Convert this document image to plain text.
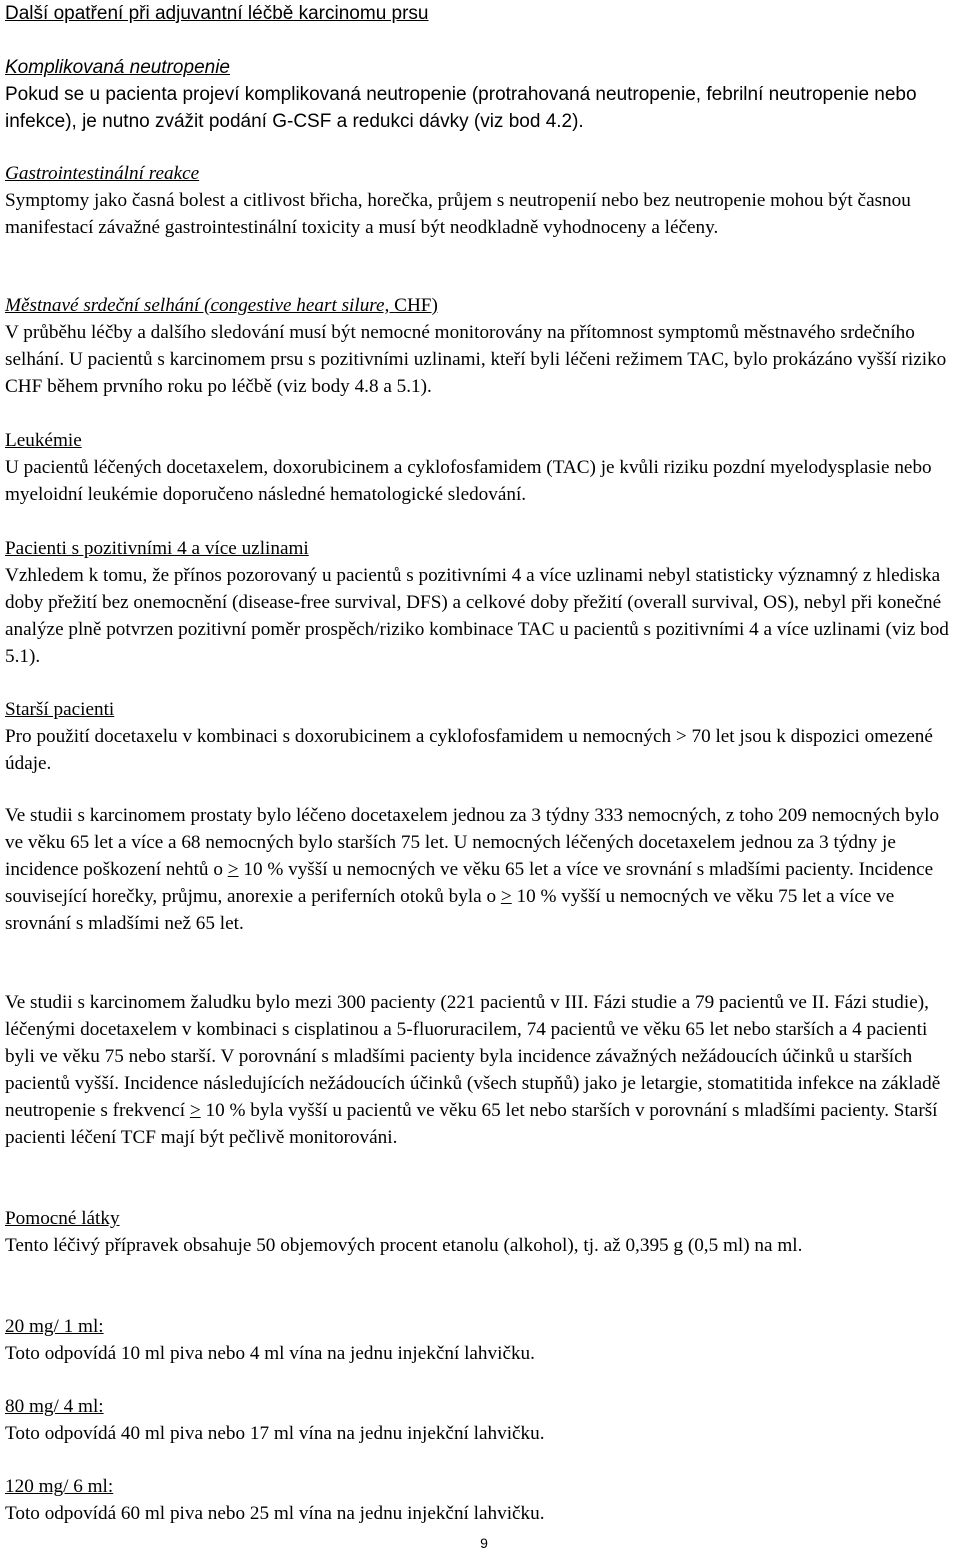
Další opatření při adjuvantní léčbě karcinomu prsu

Komplikovaná neutropenie

Pokud se u pacienta projeví komplikovaná neutropenie (protrahovaná neutropenie, febrilní neutropenie nebo infekce), je nutno zvážit podání G-CSF a redukci dávky (viz bod 4.2).

Gastrointestinální reakce

Symptomy jako časná bolest a citlivost břicha, horečka, průjem s neutropenií nebo bez neutropenie mohou být časnou manifestací závažné gastrointestinální toxicity a musí být neodkladně vyhodnoceny a léčeny.

Městnavé srdeční selhání (congestive heart silure, CHF)

V průběhu léčby a dalšího sledování musí být nemocné monitorovány na přítomnost symptomů městnavého srdečního selhání. U pacientů s karcinomem prsu s pozitivními uzlinami, kteří byli léčeni režimem TAC, bylo prokázáno vyšší riziko CHF během prvního roku po léčbě (viz body 4.8 a 5.1).

Leukémie

U pacientů léčených docetaxelem, doxorubicinem a cyklofosfamidem (TAC) je kvůli riziku pozdní myelodysplasie nebo myeloidní leukémie doporučeno následné hematologické sledování.

Pacienti s pozitivními 4 a více uzlinami

Vzhledem k tomu, že přínos pozorovaný u pacientů s pozitivními 4 a více uzlinami nebyl statisticky významný z hlediska doby přežití bez onemocnění (disease-free survival, DFS) a celkové doby přežití (overall survival, OS), nebyl při konečné analýze plně potvrzen pozitivní poměr prospěch/riziko kombinace TAC u pacientů s pozitivními 4 a více uzlinami (viz bod 5.1).

Starší pacienti

Pro použití docetaxelu v kombinaci s doxorubicinem a cyklofosfamidem u nemocných > 70 let jsou k dispozici omezené údaje.

Ve studii s karcinomem prostaty bylo léčeno docetaxelem jednou za 3 týdny 333 nemocných, z toho 209 nemocných bylo ve věku 65 let a více a 68 nemocných bylo starších 75 let. U nemocných léčených docetaxelem jednou za 3 týdny je incidence poškození nehtů o ≥ 10 % vyšší u nemocných ve věku 65 let a více ve srovnání s mladšími pacienty. Incidence související horečky, průjmu, anorexie a periferních otoků byla o ≥ 10 % vyšší u nemocných ve věku 75 let a více ve srovnání s mladšími než 65 let.
Ve studii s karcinomem žaludku bylo mezi 300 pacienty (221 pacientů v III. Fázi studie a 79 pacientů ve II. Fázi studie), léčenými docetaxelem v kombinaci s cisplatinou a 5-fluoruracilem, 74 pacientů ve věku 65 let nebo starších a 4 pacienti byli ve věku 75 nebo starší. V porovnání s mladšími pacienty byla incidence závažných nežádoucích účinků u starších pacientů vyšší. Incidence následujících nežádoucích účinků (všech stupňů) jako je letargie, stomatitida infekce na základě neutropenie s frekvencí ≥ 10 % byla vyšší u pacientů ve věku 65 let nebo starších v porovnání s mladšími pacienty. Starší pacienti léčení TCF mají být pečlivě monitorováni.

Pomocné látky

Tento léčivý přípravek obsahuje 50 objemových procent etanolu (alkohol), tj. až 0,395 g (0,5 ml) na ml.

20 mg/ 1 ml:

Toto odpovídá 10 ml piva nebo 4 ml vína na jednu injekční lahvičku.

80 mg/ 4 ml:

Toto odpovídá 40 ml piva nebo 17 ml vína na jednu injekční lahvičku.

120 mg/ 6 ml:

Toto odpovídá 60 ml piva nebo 25 ml vína na jednu injekční lahvičku.

9
